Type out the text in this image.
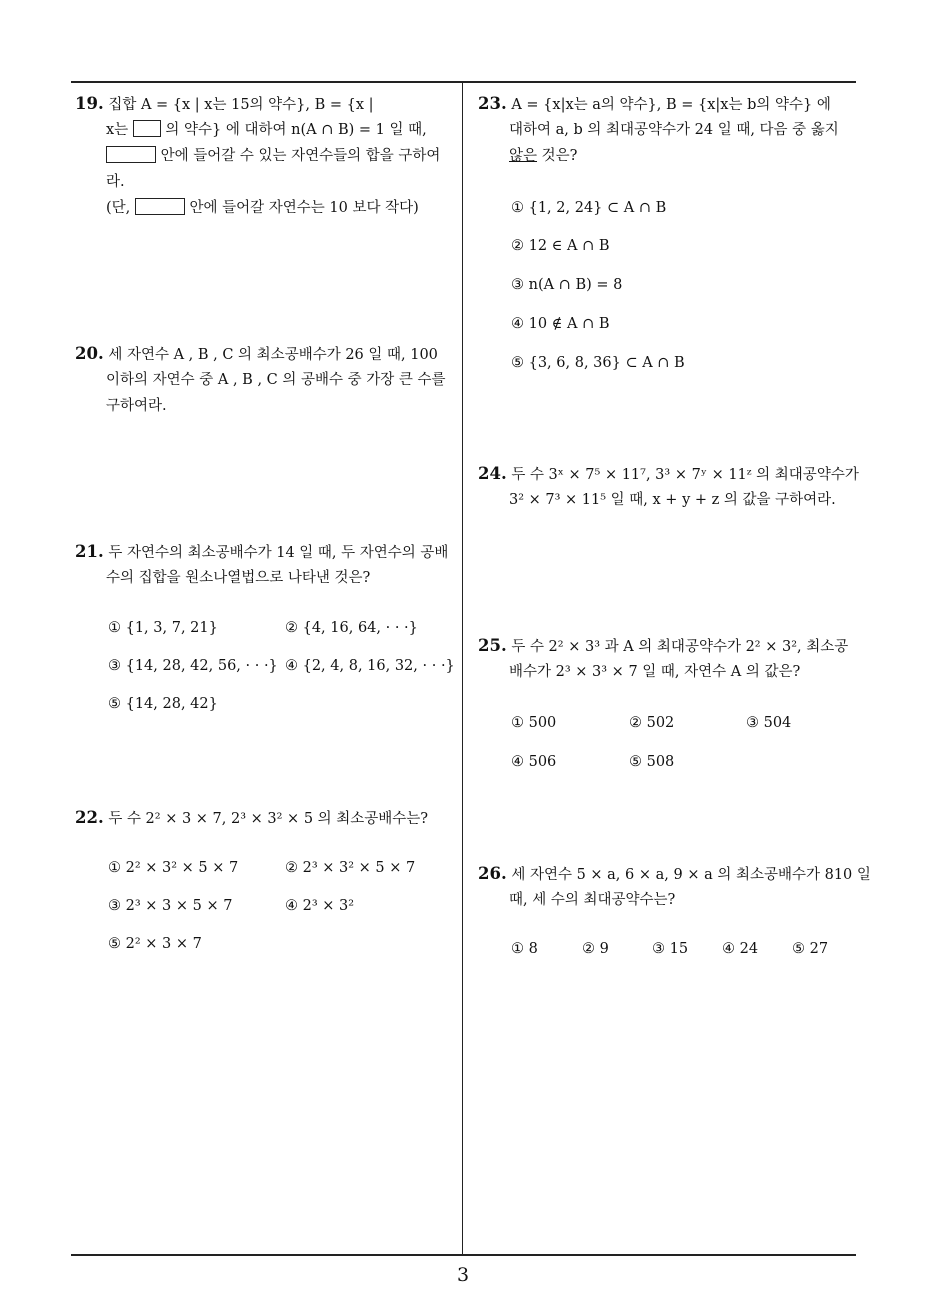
19. 집합 A = {x | x는 15의 약수}, B = {x |
x는	의 약수} 에 대하여 n(A ∩ B) = 1 일 때,
안에 들어갈 수 있는 자연수들의 합을 구하여
라.
(단,	안에 들어갈 자연수는 10 보다 작다)
20. 세 자연수 A , B , C 의 최소공배수가 26 일 때, 100
이하의 자연수 중 A , B , C 의 공배수 중 가장 큰 수를
구하여라.
21. 두 자연수의 최소공배수가 14 일 때, 두 자연수의 공배
수의 집합을 원소나열법으로 나타낸 것은?
① {1, 3, 7, 21}	② {4, 16, 64, · · ·}
③ {14, 28, 42, 56, · · ·} ④ {2, 4, 8, 16, 32, · · ·}
⑤ {14, 28, 42}
22. 두 수 2² × 3 × 7, 2³ × 3² × 5 의 최소공배수는?
① 2² × 3² × 5 × 7	② 2³ × 3² × 5 × 7
③ 2³ × 3 × 5 × 7	④ 2³ × 3²
⑤ 2² × 3 × 7
23. A = {x|x는 a의 약수}, B = {x|x는 b의 약수} 에
대하여 a, b 의 최대공약수가 24 일 때, 다음 중 옳지
않은 것은?
① {1, 2, 24} ⊂ A ∩ B
② 12 ∈ A ∩ B
③ n(A ∩ B) = 8
④ 10 ∉ A ∩ B
⑤ {3, 6, 8, 36} ⊂ A ∩ B
24. 두 수 3ˣ × 7⁵ × 11⁷, 3³ × 7ʸ × 11ᶻ 의 최대공약수가
3² × 7³ × 11⁵ 일 때, x + y + z 의 값을 구하여라.
25. 두 수 2² × 3³ 과 A 의 최대공약수가 2² × 3², 최소공
배수가 2³ × 3³ × 7 일 때, 자연수 A 의 값은?
① 500	② 502	③ 504
④ 506	⑤ 508
26. 세 자연수 5 × a, 6 × a, 9 × a 의 최소공배수가 810 일
때, 세 수의 최대공약수는?
① 8	② 9	③ 15 ④ 24 ⑤ 27
3
